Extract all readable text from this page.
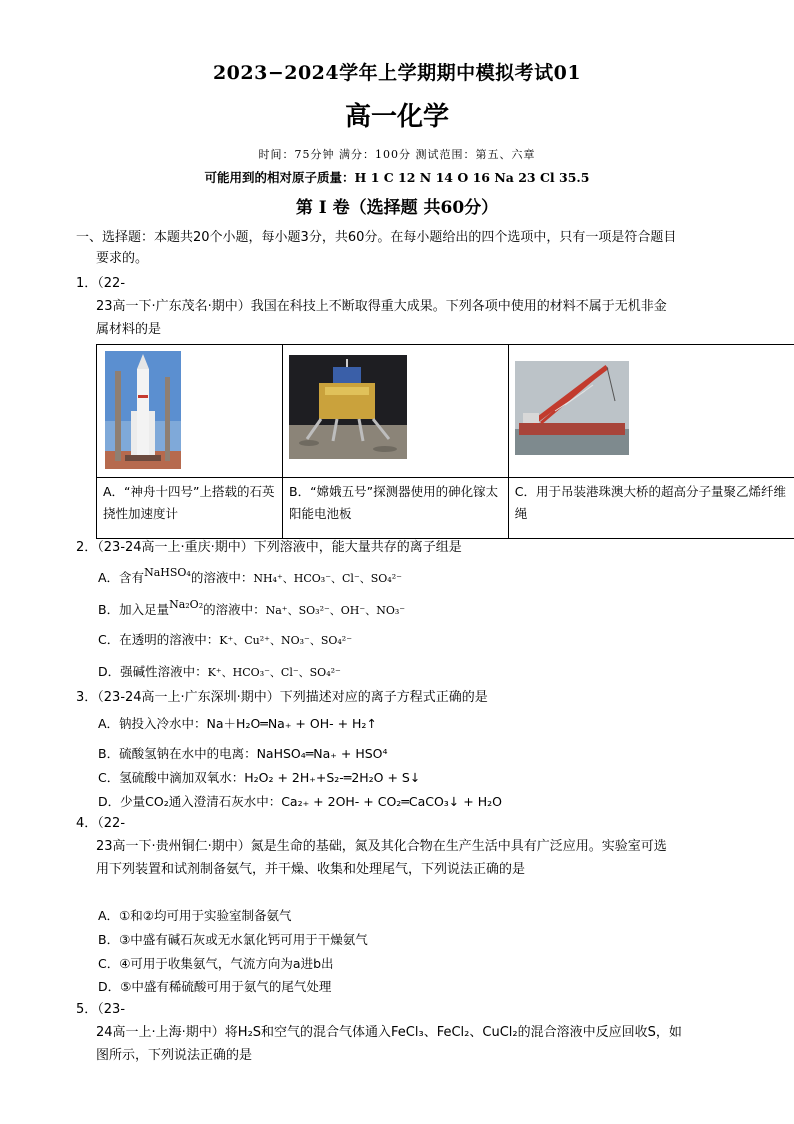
2023−2024学年上学期期中模拟考试01
高一化学
时间：75分钟 满分：100分 测试范围：第五、六章
可能用到的相对原子质量：H 1 C 12 N 14 O 16 Na 23 Cl 35.5
第 I 卷（选择题 共60分）
一、选择题：本题共20个小题，每小题3分，共60分。在每小题给出的四个选项中，只有一项是符合题目
要求的。
1．（22-
23高一下·广东茂名·期中）我国在科技上不断取得重大成果。下列各项中使用的材料不属于无机非金
属材料的是

A．“神舟十四号”上搭载的石英挠性加速度计	B．“嫦娥五号”探测器使用的砷化镓太阳能电池板	C．用于吊装港珠澳大桥的超高分子量聚乙烯纤维绳
2．（23-24高一上·重庆·期中）下列溶液中，能大量共存的离子组是
A．含有NaHSO₄的溶液中：NH₄⁺、HCO₃⁻、Cl⁻、SO₄²⁻
B．加入足量Na₂O₂的溶液中：Na⁺、SO₃²⁻、OH⁻、NO₃⁻
C．在透明的溶液中：K⁺、Cu²⁺、NO₃⁻、SO₄²⁻
D．强碱性溶液中：K⁺、HCO₃⁻、Cl⁻、SO₄²⁻
3．（23-24高一上·广东深圳·期中）下列描述对应的离子方程式正确的是
A．钠投入冷水中：Na＋H₂O═Na₊ + OH- + H₂↑
B．硫酸氢钠在水中的电离：NaHSO₄═Na₊ + HSO⁴
C．氢硫酸中滴加双氧水：H₂O₂ + 2H₊+S₂-═2H₂O + S↓
D．少量CO₂通入澄清石灰水中：Ca₂₊ + 2OH- + CO₂═CaCO₃↓ + H₂O
4．（22-
23高一下·贵州铜仁·期中）氮是生命的基础，氮及其化合物在生产生活中具有广泛应用。实验室可选
用下列装置和试剂制备氨气，并干燥、收集和处理尾气，下列说法正确的是
A．①和②均可用于实验室制备氨气
B．③中盛有碱石灰或无水氯化钙可用于干燥氨气
C．④可用于收集氨气，气流方向为a进b出
D．⑤中盛有稀硫酸可用于氨气的尾气处理
5．（23-
24高一上·上海·期中）将H₂S和空气的混合气体通入FeCl₃、FeCl₂、CuCl₂的混合溶液中反应回收S，如
图所示，下列说法正确的是
